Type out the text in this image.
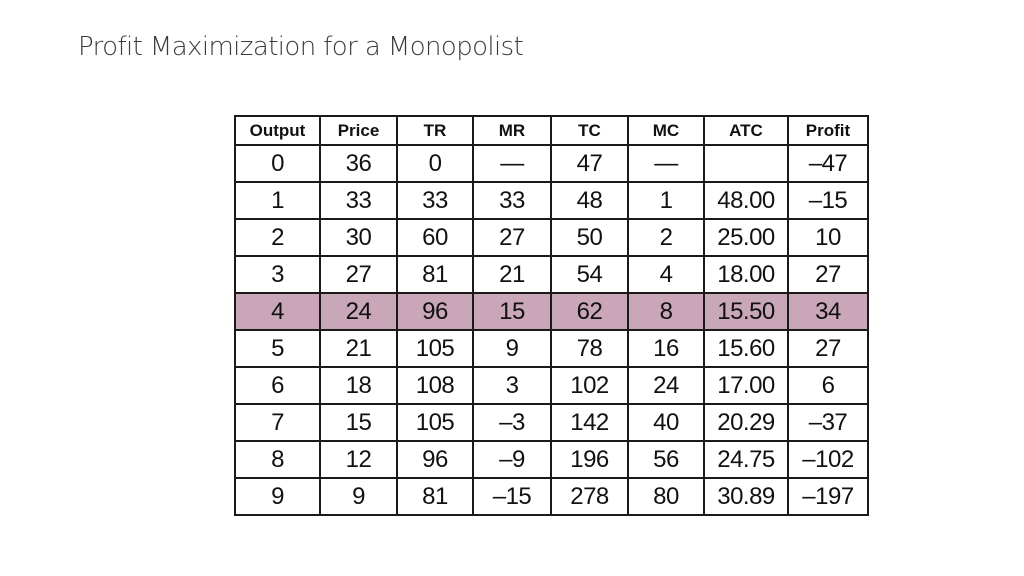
Profit Maximization for a Monopolist
Output	Price	TR	MR	TC	MC	ATC	Profit
0	36	0	—	47	—		–47
1	33	33	33	48	1	48.00	–15
2	30	60	27	50	2	25.00	10
3	27	81	21	54	4	18.00	27
4	24	96	15	62	8	15.50	34
5	21	105	9	78	16	15.60	27
6	18	108	3	102	24	17.00	6
7	15	105	–3	142	40	20.29	–37
8	12	96	–9	196	56	24.75	–102
9	9	81	–15	278	80	30.89	–197
